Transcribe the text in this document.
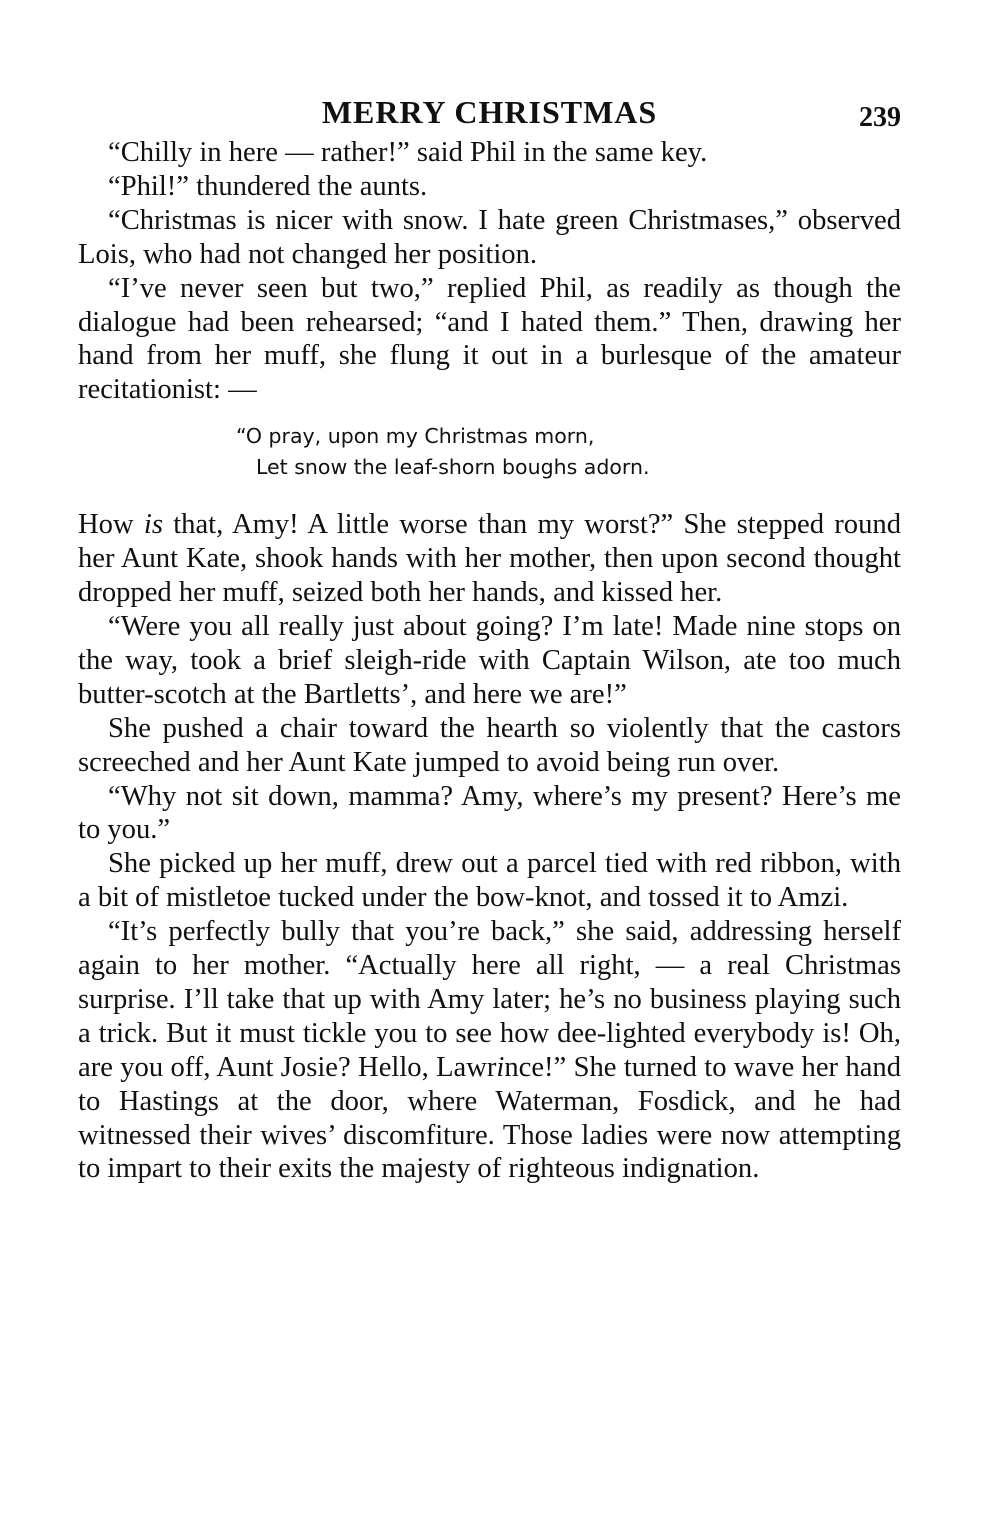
MERRY CHRISTMAS	239

“Chilly in here — rather!” said Phil in the same key.

“Phil!” thundered the aunts.

“Christmas is nicer with snow. I hate green Christmases,” observed Lois, who had not changed her position.

“I’ve never seen but two,” replied Phil, as readily as though the dialogue had been rehearsed; “and I hated them.” Then, drawing her hand from her muff, she flung it out in a burlesque of the amateur recitationist: —

“O pray, upon my Christmas morn,
Let snow the leaf-shorn boughs adorn.

How is that, Amy! A little worse than my worst?” She stepped round her Aunt Kate, shook hands with her mother, then upon second thought dropped her muff, seized both her hands, and kissed her.

“Were you all really just about going? I’m late! Made nine stops on the way, took a brief sleigh-ride with Captain Wilson, ate too much butter-scotch at the Bartletts’, and here we are!”

She pushed a chair toward the hearth so violently that the castors screeched and her Aunt Kate jumped to avoid being run over.

“Why not sit down, mamma? Amy, where’s my present? Here’s me to you.”

She picked up her muff, drew out a parcel tied with red ribbon, with a bit of mistletoe tucked under the bow-knot, and tossed it to Amzi.

“It’s perfectly bully that you’re back,” she said, addressing herself again to her mother. “Actually here all right, — a real Christmas surprise. I’ll take that up with Amy later; he’s no business playing such a trick. But it must tickle you to see how dee-lighted everybody is! Oh, are you off, Aunt Josie? Hello, Lawrince!” She turned to wave her hand to Hastings at the door, where Waterman, Fosdick, and he had witnessed their wives’ discomfiture. Those ladies were now attempting to impart to their exits the majesty of righteous indignation.
